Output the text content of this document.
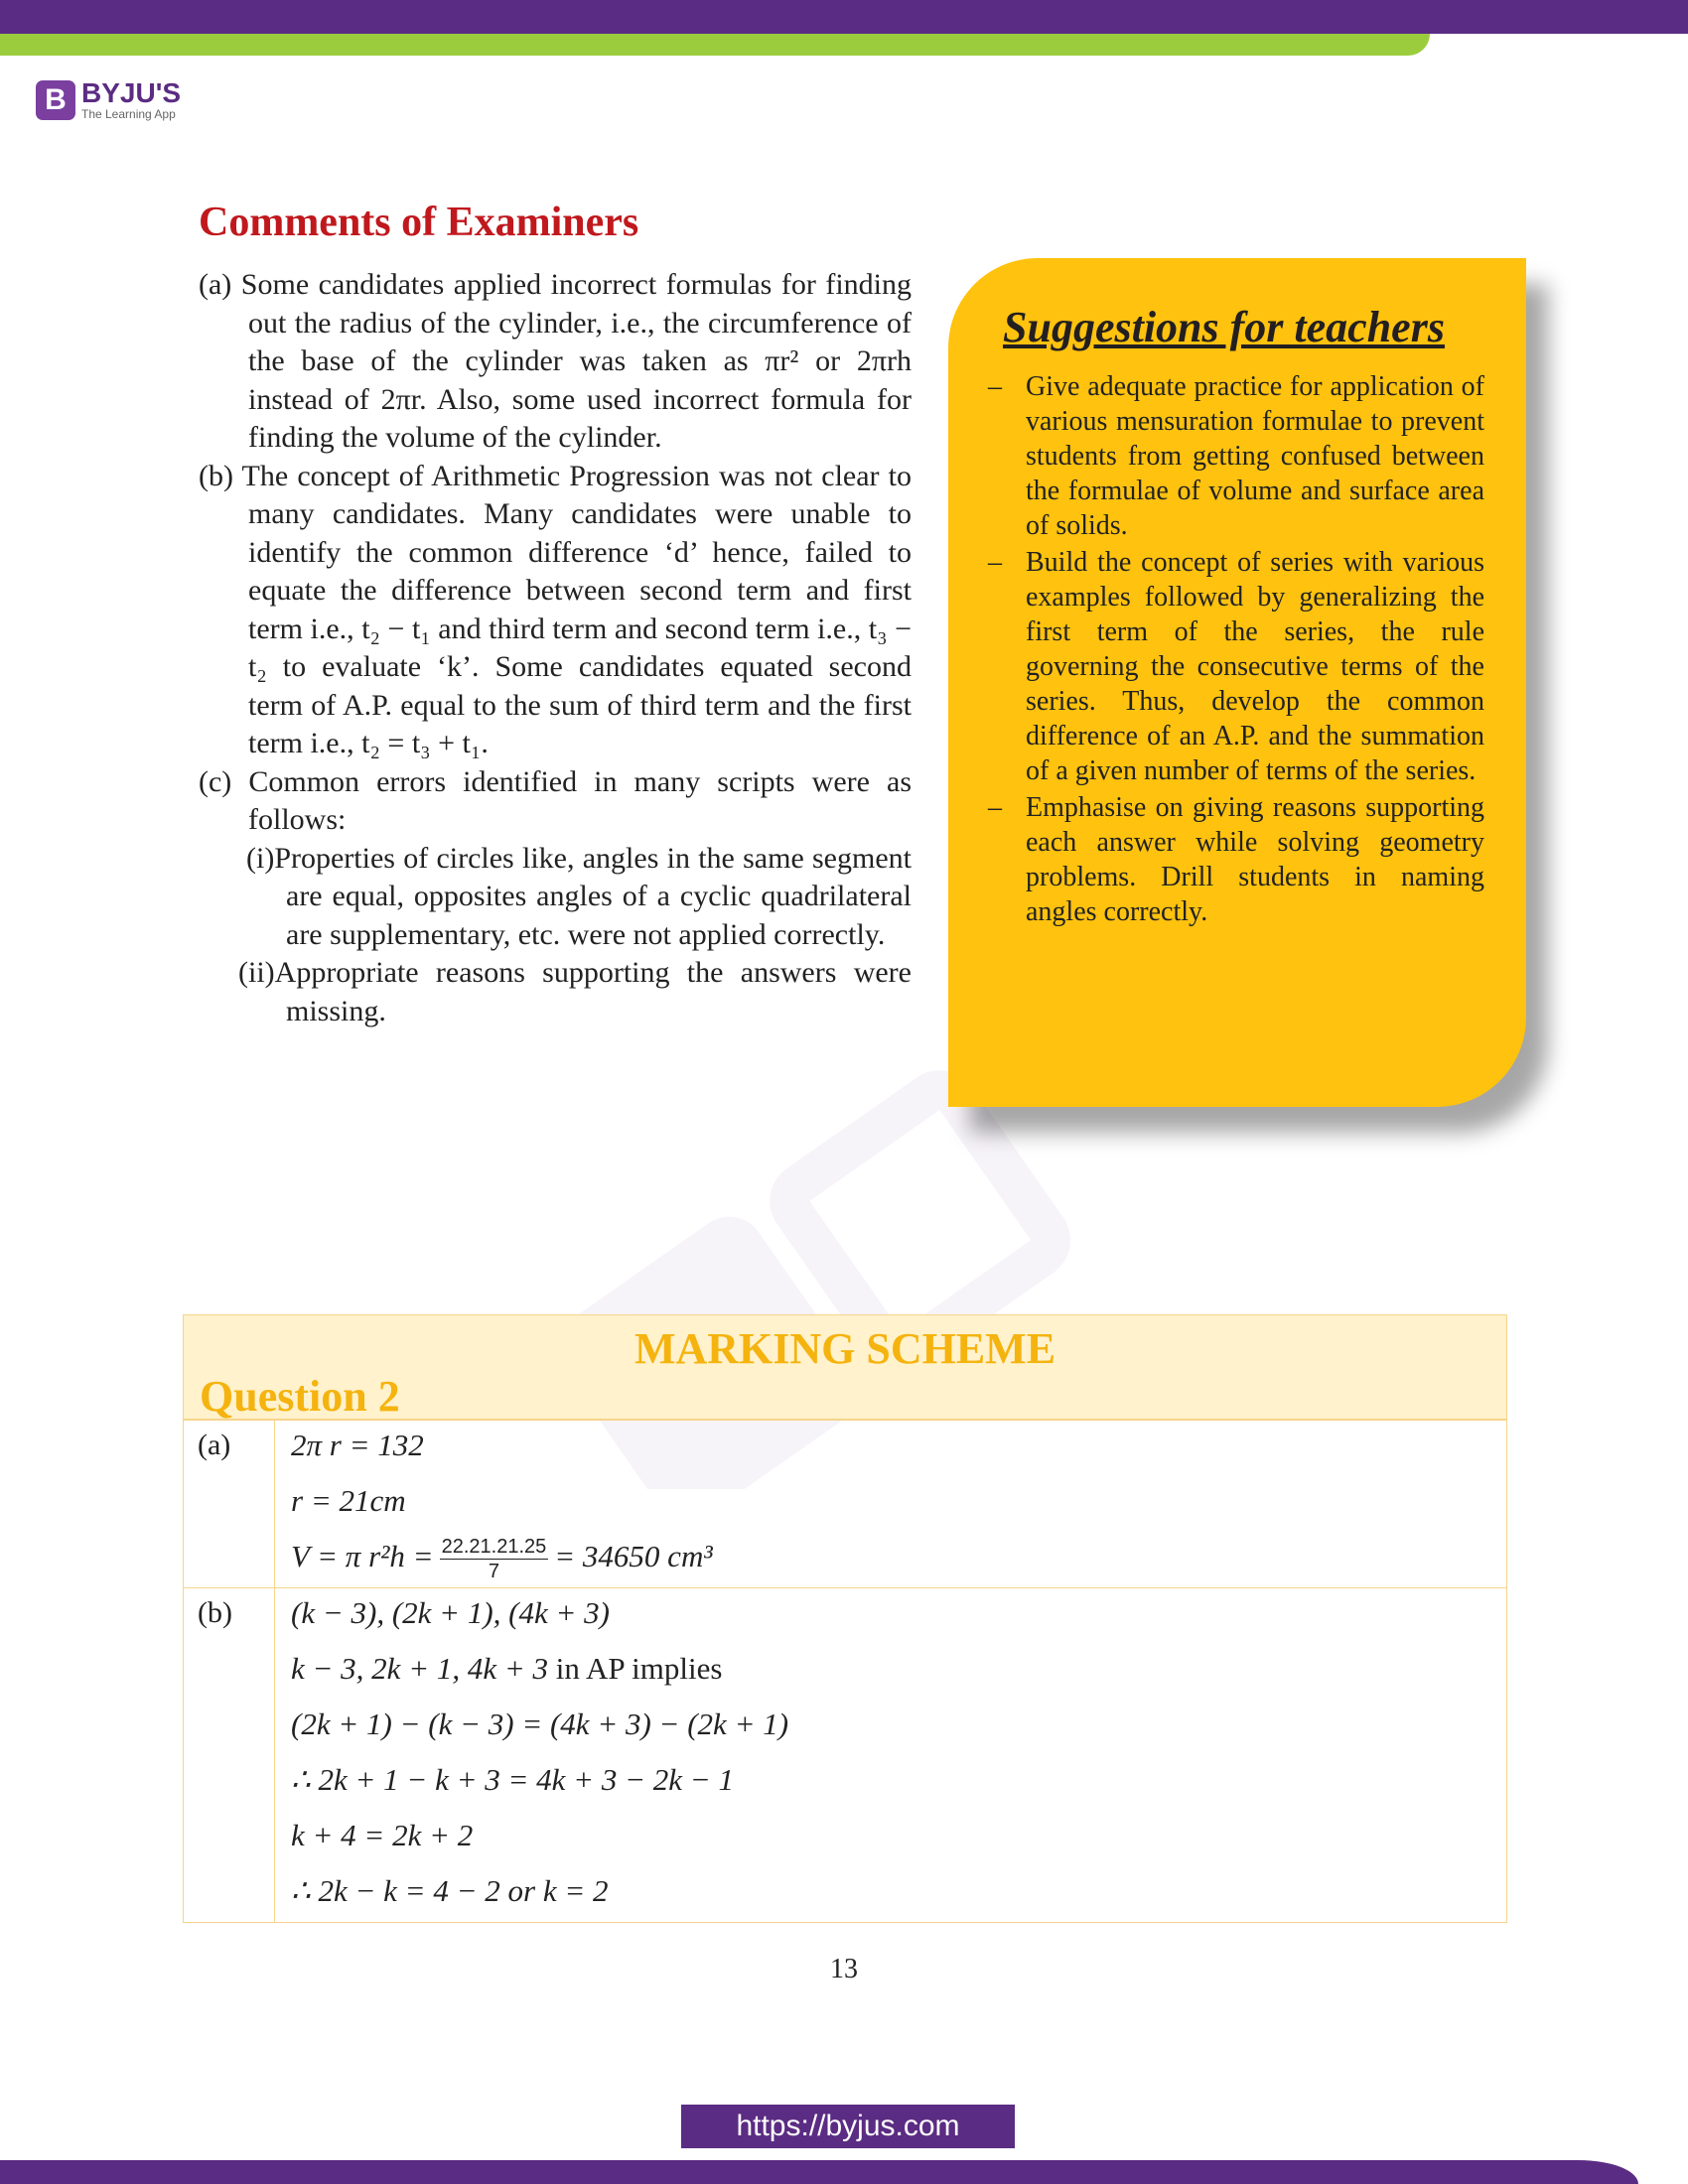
B BYJU'S
The Learning App
Comments of Examiners

(a) Some candidates applied incorrect formulas for finding out the radius of the cylinder, i.e., the circumference of the base of the cylinder was taken as πr² or 2πrh instead of 2πr. Also, some used incorrect formula for finding the volume of the cylinder.

(b) The concept of Arithmetic Progression was not clear to many candidates. Many candidates were unable to identify the common difference ‘d’ hence, failed to equate the difference between second term and first term i.e., t₂ − t₁ and third term and second term i.e., t₃ − t₂ to evaluate ‘k’. Some candidates equated second term of A.P. equal to the sum of third term and the first term i.e., t₂ = t₃ + t₁.

(c) Common errors identified in many scripts were as follows:

(i)Properties of circles like, angles in the same segment are equal, opposites angles of a cyclic quadrilateral are supplementary, etc. were not applied correctly.

(ii)Appropriate reasons supporting the answers were missing.

Suggestions for teachers
– Give adequate practice for application of various mensuration formulae to prevent students from getting confused between the formulae of volume and surface area of solids.
– Build the concept of series with various examples followed by generalizing the first term of the series, the rule governing the consecutive terms of the series. Thus, develop the common difference of an A.P. and the summation of a given number of terms of the series.
– Emphasise on giving reasons supporting each answer while solving geometry problems. Drill students in naming angles correctly.
MARKING SCHEME
Question 2
(a)	2π r = 132
r = 21cm
V = π $r^2h = \frac{22.21.21.25}{7} = 34650$ cm³
(b)	(k − 3), (2k + 1), (4k + 3)
k − 3, 2k + 1, 4k + 3 in AP implies
(2k + 1) − (k − 3) = (4k + 3) − (2k + 1)
∴ 2k + 1 − k + 3 = 4k + 3 − 2k − 1
k + 4 = 2k + 2
∴ 2k − k = 4 − 2 or k = 2

13

https://byjus.com
